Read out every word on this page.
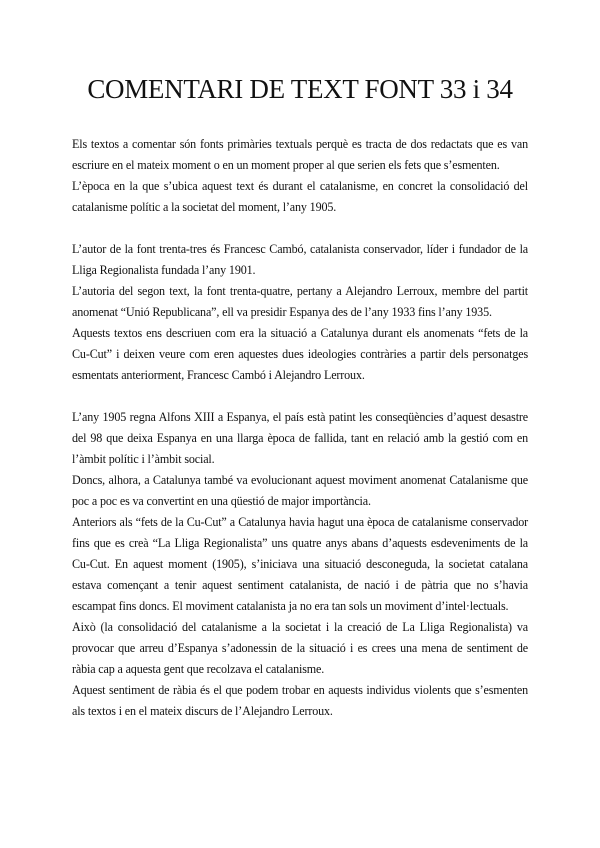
COMENTARI DE TEXT FONT 33 i 34

Els textos a comentar són fonts primàries textuals perquè es tracta de dos redactats que es van escriure en el mateix moment o en un moment proper al que serien els fets que s’esmenten.

L’època en la que s’ubica aquest text és durant el catalanisme, en concret la consolidació del catalanisme polític a la societat del moment, l’any 1905.

L’autor de la font trenta-tres és Francesc Cambó, catalanista conservador, líder i fundador de la Lliga Regionalista fundada l’any 1901.

L’autoria del segon text, la font trenta-quatre, pertany a Alejandro Lerroux, membre del partit anomenat “Unió Republicana”, ell va presidir Espanya des de l’any 1933 fins l’any 1935.

Aquests textos ens descriuen com era la situació a Catalunya durant els anomenats “fets de la Cu-Cut” i deixen veure com eren aquestes dues ideologies contràries a partir dels personatges esmentats anteriorment, Francesc Cambó i Alejandro Lerroux.

L’any 1905 regna Alfons XIII a Espanya, el país està patint les conseqüències d’aquest desastre del 98 que deixa Espanya en una llarga època de fallida, tant en relació amb la gestió com en l’àmbit polític i l’àmbit social.

Doncs, alhora, a Catalunya també va evolucionant aquest moviment anomenat Catalanisme que poc a poc es va convertint en una qüestió de major importància.

Anteriors als “fets de la Cu-Cut” a Catalunya havia hagut una època de catalanisme conservador fins que es creà “La Lliga Regionalista” uns quatre anys abans d’aquests esdeveniments de la Cu-Cut. En aquest moment (1905), s’iniciava una situació desconeguda, la societat catalana estava començant a tenir aquest sentiment catalanista, de nació i de pàtria que no s’havia escampat fins doncs. El moviment catalanista ja no era tan sols un moviment d’intel·lectuals.

Això (la consolidació del catalanisme a la societat i la creació de La Lliga Regionalista) va provocar que arreu d’Espanya s’adonessin de la situació i es crees una mena de sentiment de ràbia cap a aquesta gent que recolzava el catalanisme.

Aquest sentiment de ràbia és el que podem trobar en aquests individus violents que s’esmenten als textos i en el mateix discurs de l’Alejandro Lerroux.
